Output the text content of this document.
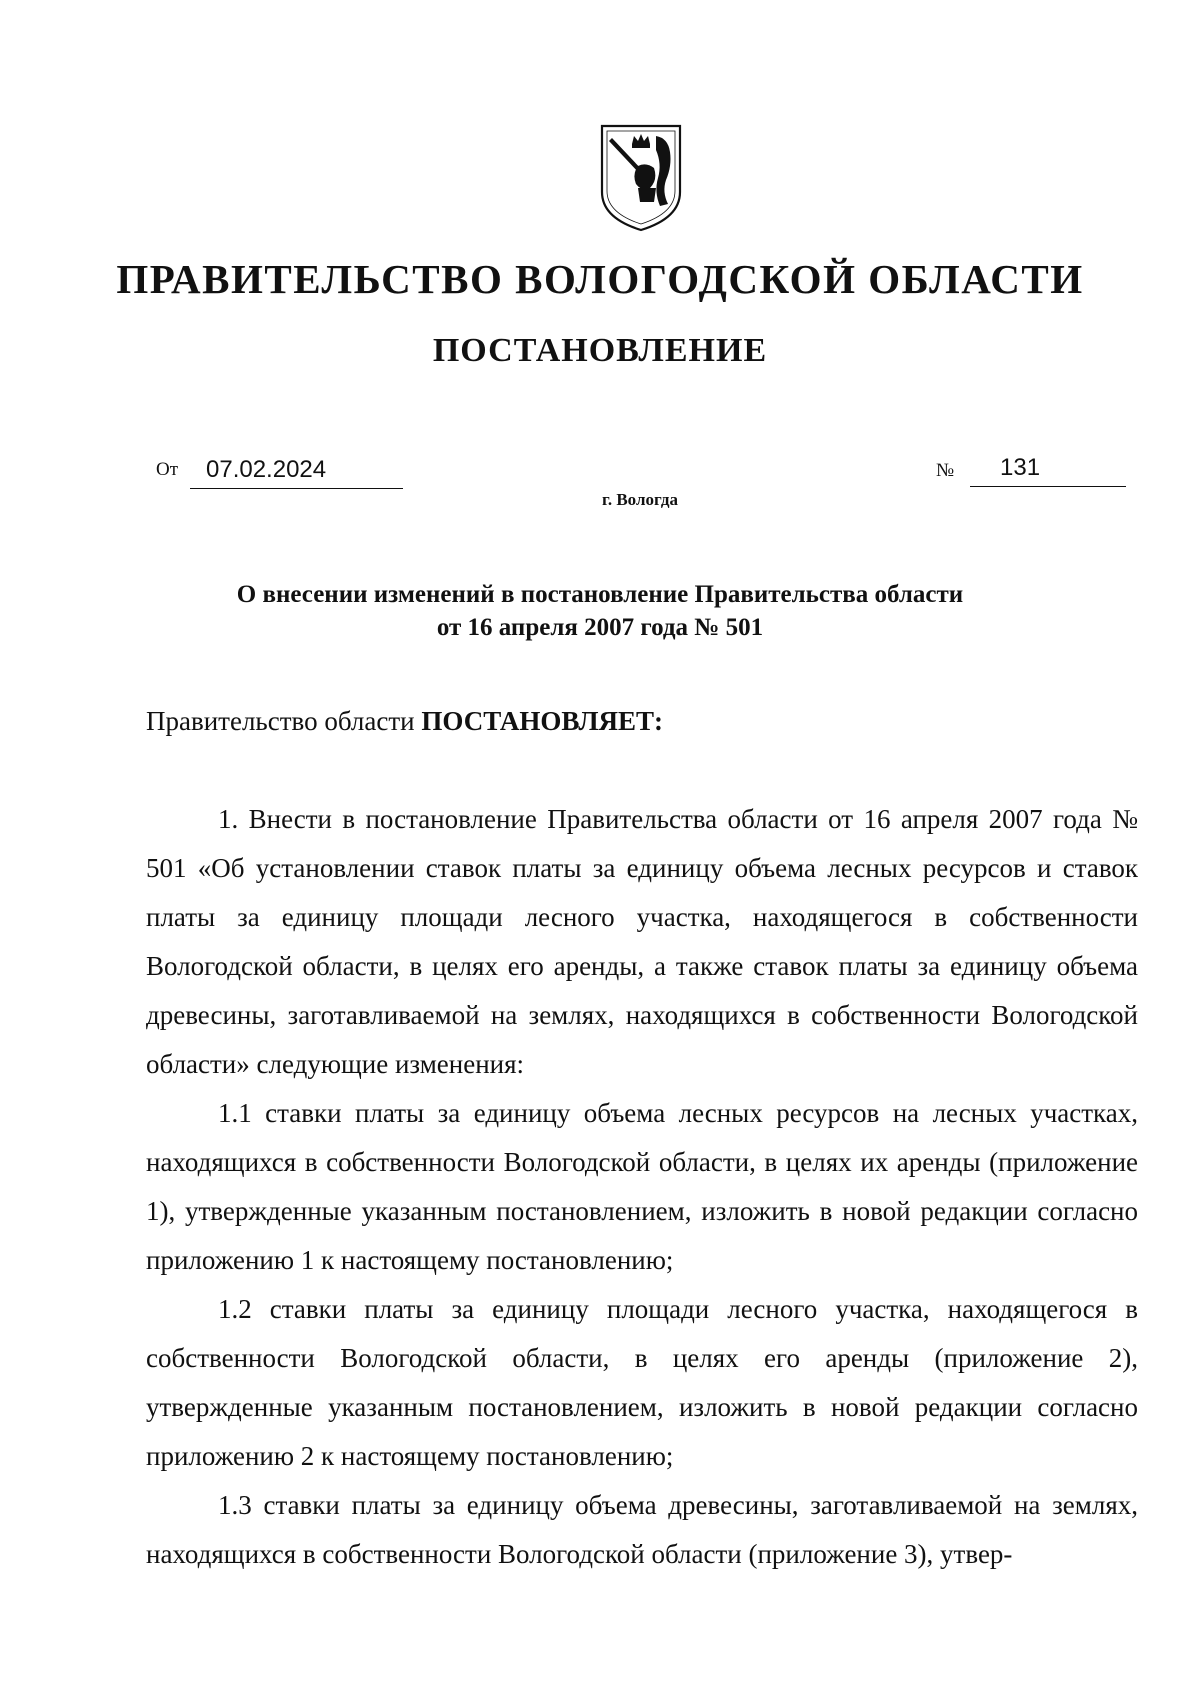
ПРАВИТЕЛЬСТВО ВОЛОГОДСКОЙ ОБЛАСТИ
ПОСТАНОВЛЕНИЕ
От 07.02.2024	№ 131
г. Вологда
О внесении изменений в постановление Правительства области
от 16 апреля 2007 года № 501
Правительство области ПОСТАНОВЛЯЕТ:

1. Внести в постановление Правительства области от 16 апреля 2007 года № 501 «Об установлении ставок платы за единицу объема лесных ресурсов и ставок платы за единицу площади лесного участка, находящегося в собственности Вологодской области, в целях его аренды, а также ставок платы за единицу объема древесины, заготавливаемой на землях, находящихся в собственности Вологодской области» следующие изменения:

1.1 ставки платы за единицу объема лесных ресурсов на лесных участках, находящихся в собственности Вологодской области, в целях их аренды (приложение 1), утвержденные указанным постановлением, изложить в новой редакции согласно приложению 1 к настоящему постановлению;

1.2 ставки платы за единицу площади лесного участка, находящегося в собственности Вологодской области, в целях его аренды (приложение 2), утвержденные указанным постановлением, изложить в новой редакции согласно приложению 2 к настоящему постановлению;

1.3 ставки платы за единицу объема древесины, заготавливаемой на землях, находящихся в собственности Вологодской области (приложение 3), утвер-
